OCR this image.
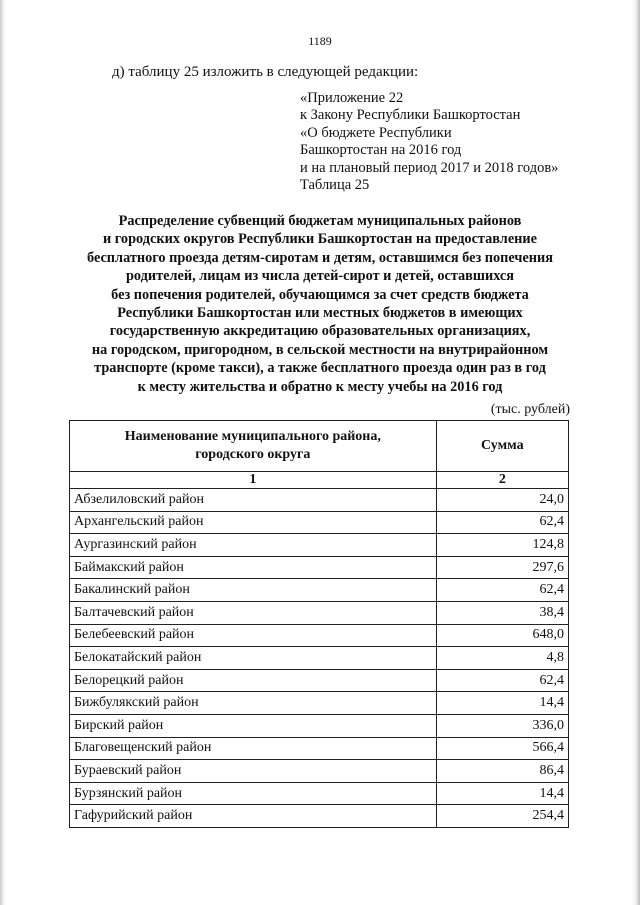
1189
д) таблицу 25 изложить в следующей редакции:
«Приложение 22
к Закону Республики Башкортостан
«О бюджете Республики
Башкортостан на 2016 год
и на плановый период 2017 и 2018 годов»
Таблица 25
Распределение субвенций бюджетам муниципальных районов
и городских округов Республики Башкортостан на предоставление
бесплатного проезда детям-сиротам и детям, оставшимся без попечения
родителей, лицам из числа детей-сирот и детей, оставшихся
без попечения родителей, обучающимся за счет средств бюджета
Республики Башкортостан или местных бюджетов в имеющих
государственную аккредитацию образовательных организациях,
на городском, пригородном, в сельской местности на внутрирайонном
транспорте (кроме такси), а также бесплатного проезда один раз в год
к месту жительства и обратно к месту учебы на 2016 год
(тыс. рублей)
Наименование муниципального района,
городского округа	Сумма
1	2
Абзелиловский район	24,0
Архангельский район	62,4
Аургазинский район	124,8
Баймакский район	297,6
Бакалинский район	62,4
Балтачевский район	38,4
Белебеевский район	648,0
Белокатайский район	4,8
Белорецкий район	62,4
Бижбулякский район	14,4
Бирский район	336,0
Благовещенский район	566,4
Бураевский район	86,4
Бурзянский район	14,4
Гафурийский район	254,4
